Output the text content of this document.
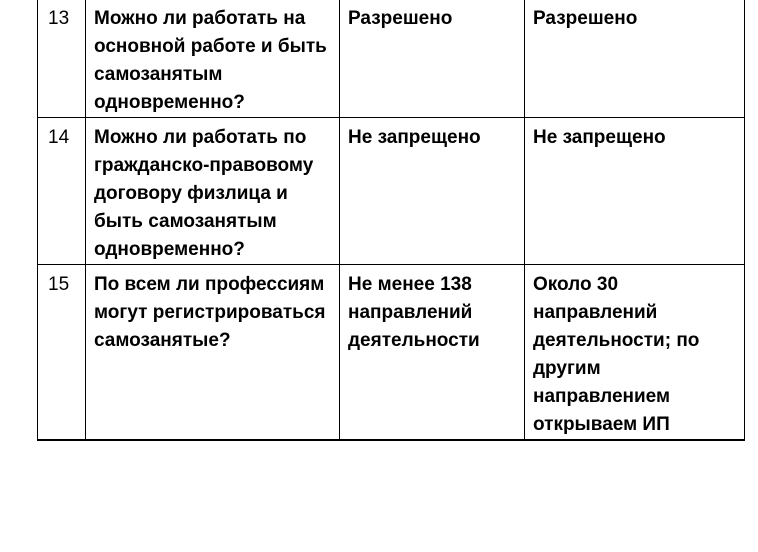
13	Можно ли работать на основной работе и быть самозанятым одновременно?	Разрешено	Разрешено
14	Можно ли работать по гражданско-правовому договору физлица и быть самозанятым одновременно?	Не запрещено	Не запрещено
15	По всем ли профессиям могут регистрироваться самозанятые?	Не менее 138 направлений деятельности	Около 30 направлений деятельности; по другим направлением открываем ИП
